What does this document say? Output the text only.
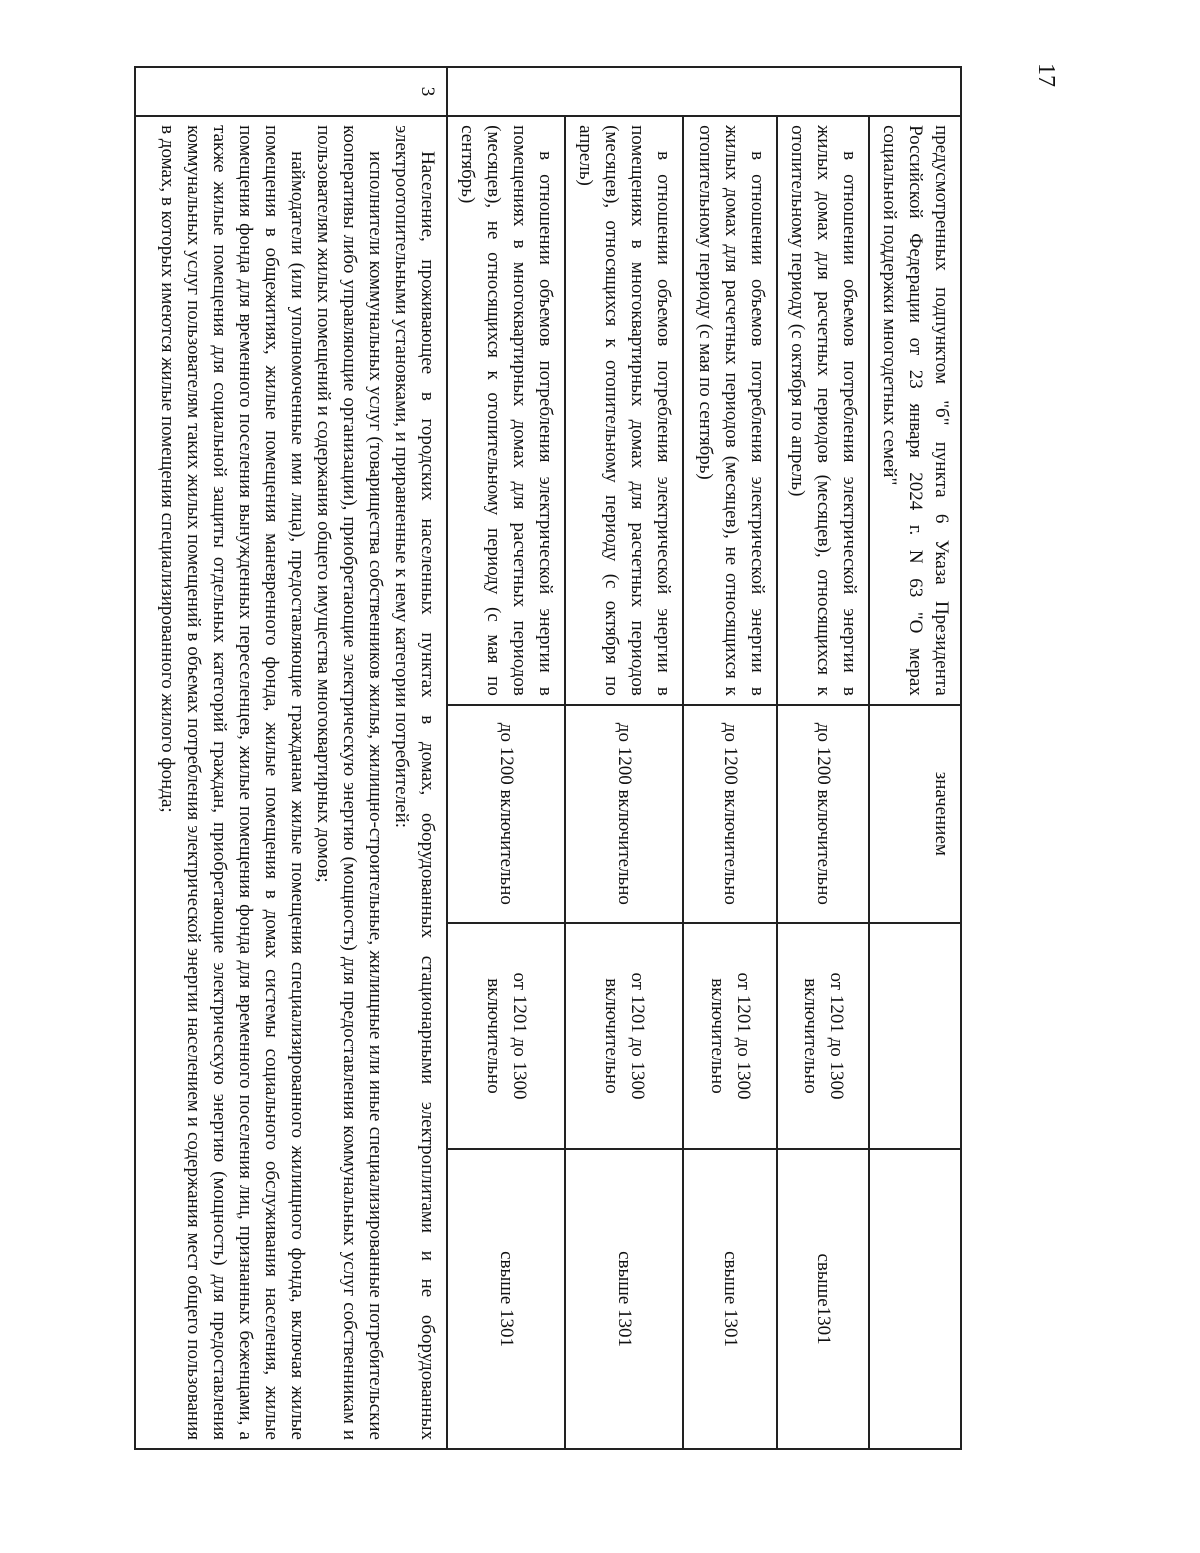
17
	предусмотренных подпунктом "б" пункта 6 Указа Президента Российской Федерации от 23 января 2024 г. N 63 "О мерах социальной поддержки многодетных семей"	значением		
	в отношении объемов потребления электрической энергии в жилых домах для расчетных периодов (месяцев), относящихся к отопительному периоду (с октября по апрель)	до 1200 включительно	от 1201 до 1300 включительно	свыше1301
	в отношении объемов потребления электрической энергии в жилых домах для расчетных периодов (месяцев), не относящихся к отопительному периоду (с мая по сентябрь)	до 1200 включительно	от 1201 до 1300 включительно	свыше 1301
	в отношении объемов потребления электрической энергии в помещениях в многоквартирных домах для расчетных периодов (месяцев), относящихся к отопительному периоду (с октября по апрель)	до 1200 включительно	от 1201 до 1300 включительно	свыше 1301
	в отношении объемов потребления электрической энергии в помещениях в многоквартирных домах для расчетных периодов (месяцев), не относящихся к отопительному периоду (с мая по сентябрь)	до 1200 включительно	от 1201 до 1300 включительно	свыше 1301
3	Население, проживающее в городских населенных пунктах в домах, оборудованных стационарными электроплитами и не оборудованных электроотопительными установками, и приравненные к нему категории потребителей:

исполнители коммунальных услуг (товарищества собственников жилья, жилищно-строительные, жилищные или иные специализированные потребительские кооперативы либо управляющие организации), приобретающие электрическую энергию (мощность) для предоставления коммунальных услуг собственникам и пользователям жилых помещений и содержания общего имущества многоквартирных домов;

наймодатели (или уполномоченные ими лица), предоставляющие гражданам жилые помещения специализированного жилищного фонда, включая жилые помещения в общежитиях, жилые помещения маневренного фонда, жилые помещения в домах системы социального обслуживания населения, жилые помещения фонда для временного поселения вынужденных переселенцев, жилые помещения фонда для временного поселения лиц, признанных беженцами, а также жилые помещения для социальной защиты отдельных категорий граждан, приобретающие электрическую энергию (мощность) для предоставления коммунальных услуг пользователям таких жилых помещений в объемах потребления электрической энергии населением и содержания мест общего пользования в домах, в которых имеются жилые помещения специализированного жилого фонда;			
